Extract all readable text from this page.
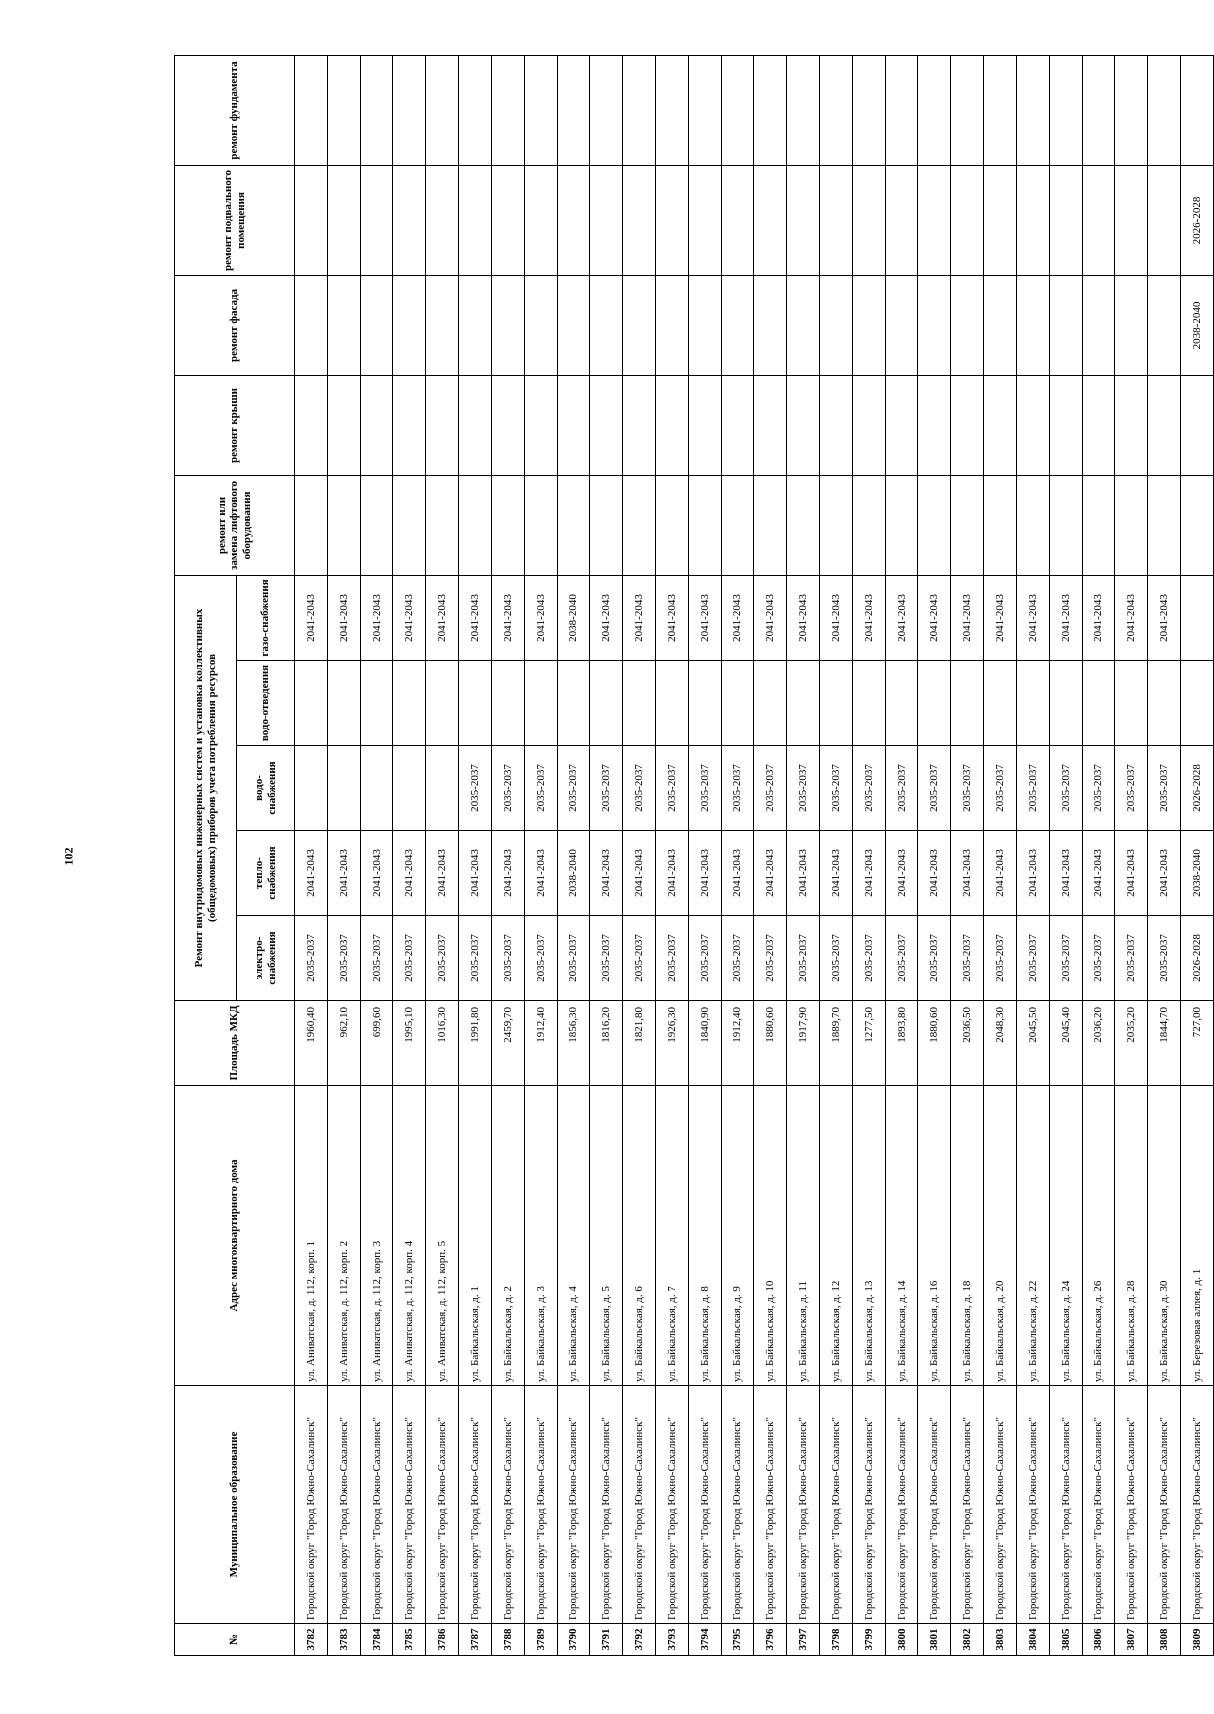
102
№	Муниципальное образование	Адрес многоквартирного дома	Площадь МКД	Ремонт внутридомовых инженерных систем и установка коллективных (общедомовых) приборов учета потребления ресурсов					ремонт или замена лифтового оборудования	ремонт крыши	ремонт фасада	ремонт подвального помещения	ремонт фундамента
				электро-снабжения	тепло-снабжения	водо-снабжения	водо-отведения	газо-снабжения					
3782	Городской округ "Город Южно-Сахалинск"	ул. Аниватская, д. 112, корп. 1	1960,40	2035-2037	2041-2043			2041-2043					
3783	Городской округ "Город Южно-Сахалинск"	ул. Аниватская, д. 112, корп. 2	962,10	2035-2037	2041-2043			2041-2043					
3784	Городской округ "Город Южно-Сахалинск"	ул. Аниватская, д. 112, корп. 3	699,60	2035-2037	2041-2043			2041-2043					
3785	Городской округ "Город Южно-Сахалинск"	ул. Аниватская, д. 112, корп. 4	1995,10	2035-2037	2041-2043			2041-2043					
3786	Городской округ "Город Южно-Сахалинск"	ул. Аниватская, д. 112, корп. 5	1016,30	2035-2037	2041-2043			2041-2043					
3787	Городской округ "Город Южно-Сахалинск"	ул. Байкальская, д. 1	1991,80	2035-2037	2041-2043	2035-2037		2041-2043					
3788	Городской округ "Город Южно-Сахалинск"	ул. Байкальская, д. 2	2459,70	2035-2037	2041-2043	2035-2037		2041-2043					
3789	Городской округ "Город Южно-Сахалинск"	ул. Байкальская, д. 3	1912,40	2035-2037	2041-2043	2035-2037		2041-2043					
3790	Городской округ "Город Южно-Сахалинск"	ул. Байкальская, д. 4	1856,30	2035-2037	2038-2040	2035-2037		2038-2040					
3791	Городской округ "Город Южно-Сахалинск"	ул. Байкальская, д. 5	1816,20	2035-2037	2041-2043	2035-2037		2041-2043					
3792	Городской округ "Город Южно-Сахалинск"	ул. Байкальская, д. 6	1821,80	2035-2037	2041-2043	2035-2037		2041-2043					
3793	Городской округ "Город Южно-Сахалинск"	ул. Байкальская, д. 7	1926,30	2035-2037	2041-2043	2035-2037		2041-2043					
3794	Городской округ "Город Южно-Сахалинск"	ул. Байкальская, д. 8	1840,90	2035-2037	2041-2043	2035-2037		2041-2043					
3795	Городской округ "Город Южно-Сахалинск"	ул. Байкальская, д. 9	1912,40	2035-2037	2041-2043	2035-2037		2041-2043					
3796	Городской округ "Город Южно-Сахалинск"	ул. Байкальская, д. 10	1880,60	2035-2037	2041-2043	2035-2037		2041-2043					
3797	Городской округ "Город Южно-Сахалинск"	ул. Байкальская, д. 11	1917,90	2035-2037	2041-2043	2035-2037		2041-2043					
3798	Городской округ "Город Южно-Сахалинск"	ул. Байкальская, д. 12	1889,70	2035-2037	2041-2043	2035-2037		2041-2043					
3799	Городской округ "Город Южно-Сахалинск"	ул. Байкальская, д. 13	1277,50	2035-2037	2041-2043	2035-2037		2041-2043					
3800	Городской округ "Город Южно-Сахалинск"	ул. Байкальская, д. 14	1893,80	2035-2037	2041-2043	2035-2037		2041-2043					
3801	Городской округ "Город Южно-Сахалинск"	ул. Байкальская, д. 16	1880,60	2035-2037	2041-2043	2035-2037		2041-2043					
3802	Городской округ "Город Южно-Сахалинск"	ул. Байкальская, д. 18	2036,50	2035-2037	2041-2043	2035-2037		2041-2043					
3803	Городской округ "Город Южно-Сахалинск"	ул. Байкальская, д. 20	2048,30	2035-2037	2041-2043	2035-2037		2041-2043					
3804	Городской округ "Город Южно-Сахалинск"	ул. Байкальская, д. 22	2045,50	2035-2037	2041-2043	2035-2037		2041-2043					
3805	Городской округ "Город Южно-Сахалинск"	ул. Байкальская, д. 24	2045,40	2035-2037	2041-2043	2035-2037		2041-2043					
3806	Городской округ "Город Южно-Сахалинск"	ул. Байкальская, д. 26	2036,20	2035-2037	2041-2043	2035-2037		2041-2043					
3807	Городской округ "Город Южно-Сахалинск"	ул. Байкальская, д. 28	2035,20	2035-2037	2041-2043	2035-2037		2041-2043					
3808	Городской округ "Город Южно-Сахалинск"	ул. Байкальская, д. 30	1844,70	2035-2037	2041-2043	2035-2037		2041-2043					
3809	Городской округ "Город Южно-Сахалинск"	ул. Березовая аллея, д. 1	727,00	2026-2028	2038-2040	2026-2028					2038-2040	2026-2028	
